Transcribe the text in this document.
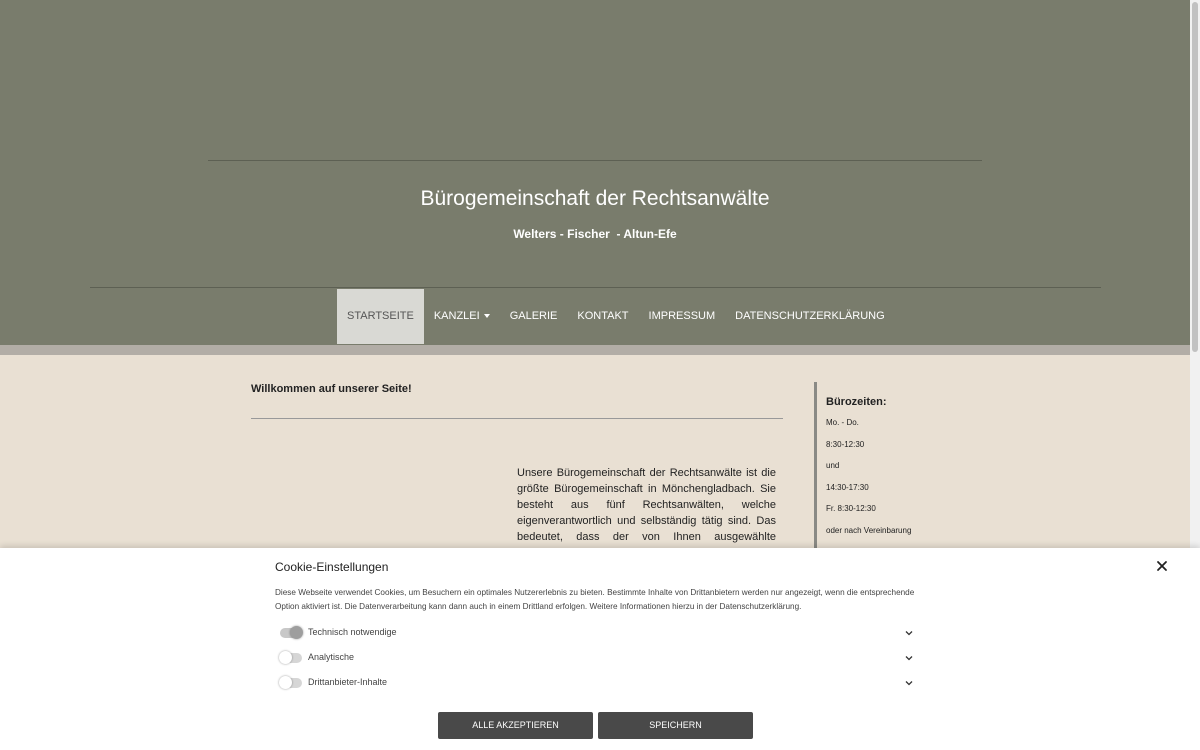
Bürogemeinschaft der Rechtsanwälte
Welters - Fischer  - Altun-Efe
STARTSEITE	KANZLEI	GALERIE	KONTAKT	IMPRESSUM	DATENSCHUTZERKLÄRUNG
Willkommen auf unserer Seite!
Unsere Bürogemeinschaft der Rechtsanwälte ist die größte Bürogemeinschaft in Mönchengladbach. Sie besteht aus fünf Rechtsanwälten, welche eigenverantwortlich und selbständig tätig sind. Das bedeutet, dass der von Ihnen ausgewählte
Bürozeiten:
Mo. - Do.
8:30-12:30
und
14:30-17:30
Fr. 8:30-12:30
oder nach Vereinbarung
Cookie-Einstellungen
Diese Webseite verwendet Cookies, um Besuchern ein optimales Nutzererlebnis zu bieten. Bestimmte Inhalte von Drittanbietern werden nur angezeigt, wenn die entsprechende Option aktiviert ist. Die Datenverarbeitung kann dann auch in einem Drittland erfolgen. Weitere Informationen hierzu in der Datenschutzerklärung.
Technisch notwendige
Analytische
Drittanbieter-Inhalte
ALLE AKZEPTIEREN	SPEICHERN
